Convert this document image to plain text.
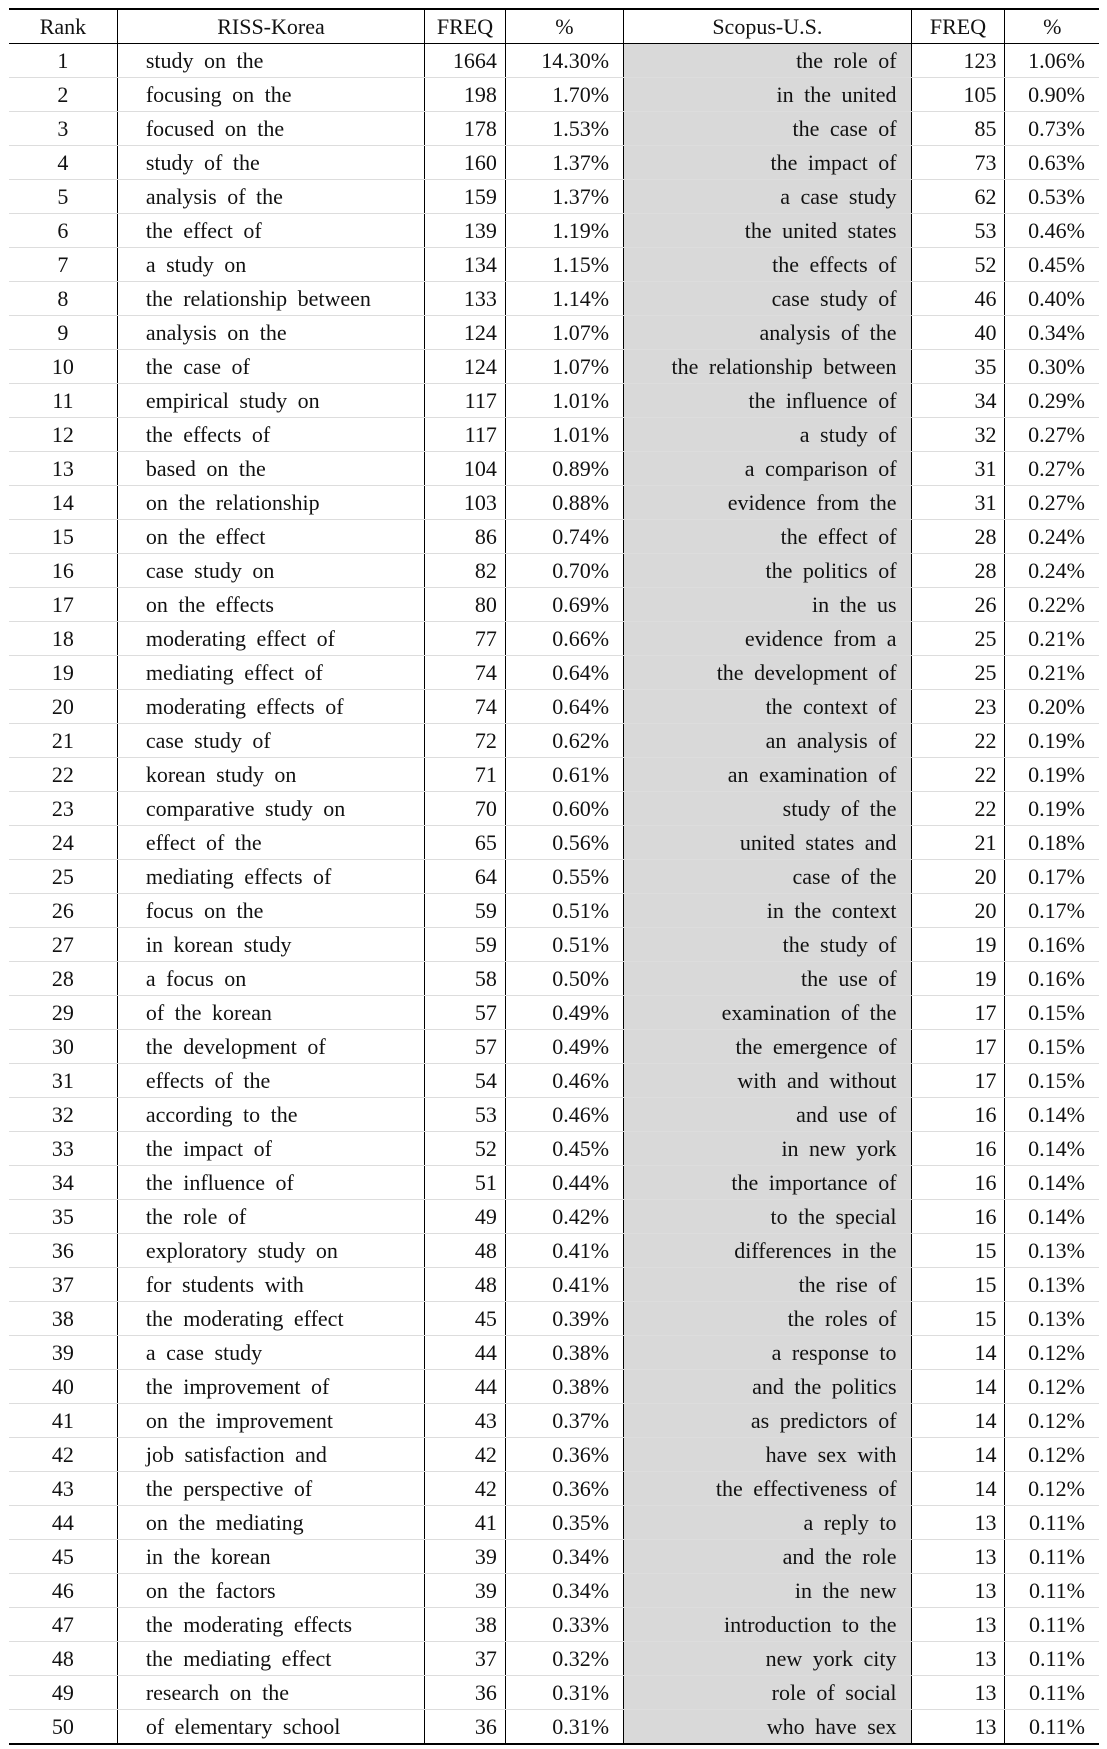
Rank	RISS-Korea	FREQ	%	Scopus-U.S.	FREQ	%
1	study on the	1664	14.30%	the role of	123	1.06%
2	focusing on the	198	1.70%	in the united	105	0.90%
3	focused on the	178	1.53%	the case of	85	0.73%
4	study of the	160	1.37%	the impact of	73	0.63%
5	analysis of the	159	1.37%	a case study	62	0.53%
6	the effect of	139	1.19%	the united states	53	0.46%
7	a study on	134	1.15%	the effects of	52	0.45%
8	the relationship between	133	1.14%	case study of	46	0.40%
9	analysis on the	124	1.07%	analysis of the	40	0.34%
10	the case of	124	1.07%	the relationship between	35	0.30%
11	empirical study on	117	1.01%	the influence of	34	0.29%
12	the effects of	117	1.01%	a study of	32	0.27%
13	based on the	104	0.89%	a comparison of	31	0.27%
14	on the relationship	103	0.88%	evidence from the	31	0.27%
15	on the effect	86	0.74%	the effect of	28	0.24%
16	case study on	82	0.70%	the politics of	28	0.24%
17	on the effects	80	0.69%	in the us	26	0.22%
18	moderating effect of	77	0.66%	evidence from a	25	0.21%
19	mediating effect of	74	0.64%	the development of	25	0.21%
20	moderating effects of	74	0.64%	the context of	23	0.20%
21	case study of	72	0.62%	an analysis of	22	0.19%
22	korean study on	71	0.61%	an examination of	22	0.19%
23	comparative study on	70	0.60%	study of the	22	0.19%
24	effect of the	65	0.56%	united states and	21	0.18%
25	mediating effects of	64	0.55%	case of the	20	0.17%
26	focus on the	59	0.51%	in the context	20	0.17%
27	in korean study	59	0.51%	the study of	19	0.16%
28	a focus on	58	0.50%	the use of	19	0.16%
29	of the korean	57	0.49%	examination of the	17	0.15%
30	the development of	57	0.49%	the emergence of	17	0.15%
31	effects of the	54	0.46%	with and without	17	0.15%
32	according to the	53	0.46%	and use of	16	0.14%
33	the impact of	52	0.45%	in new york	16	0.14%
34	the influence of	51	0.44%	the importance of	16	0.14%
35	the role of	49	0.42%	to the special	16	0.14%
36	exploratory study on	48	0.41%	differences in the	15	0.13%
37	for students with	48	0.41%	the rise of	15	0.13%
38	the moderating effect	45	0.39%	the roles of	15	0.13%
39	a case study	44	0.38%	a response to	14	0.12%
40	the improvement of	44	0.38%	and the politics	14	0.12%
41	on the improvement	43	0.37%	as predictors of	14	0.12%
42	job satisfaction and	42	0.36%	have sex with	14	0.12%
43	the perspective of	42	0.36%	the effectiveness of	14	0.12%
44	on the mediating	41	0.35%	a reply to	13	0.11%
45	in the korean	39	0.34%	and the role	13	0.11%
46	on the factors	39	0.34%	in the new	13	0.11%
47	the moderating effects	38	0.33%	introduction to the	13	0.11%
48	the mediating effect	37	0.32%	new york city	13	0.11%
49	research on the	36	0.31%	role of social	13	0.11%
50	of elementary school	36	0.31%	who have sex	13	0.11%
